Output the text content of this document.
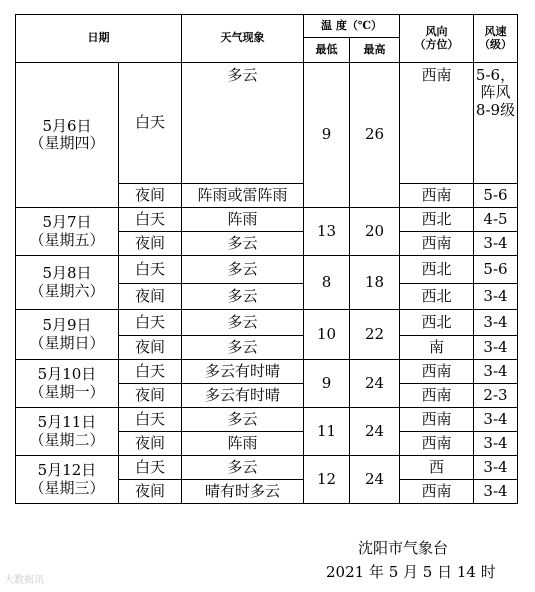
日期		天气现象	温 度（℃）		风向
（方位）	风速
（级）

			最低	最高		

5月6日
（星期四）	白天	多云	9	26	西南	5-6，阵风8-9级
	夜间	阵雨或雷阵雨			西南	5-6

5月7日
（星期五）	白天	阵雨	13	20	西北	4-5
	夜间	多云			西南	3-4

5月8日
（星期六）	白天	多云	8	18	西北	5-6
	夜间	多云			西北	3-4

5月9日
（星期日）	白天	多云	10	22	西北	3-4
	夜间	多云			南	3-4

5月10日
（星期一）	白天	多云有时晴	9	24	西南	3-4
	夜间	多云有时晴			西南	2-3

5月11日
（星期二）	白天	多云	11	24	西南	3-4
	夜间	阵雨			西南	3-4

5月12日
（星期三）	白天	多云	12	24	西	3-4
	夜间	晴有时多云			西南	3-4
沈阳市气象台
2021 年 5 月 5 日 14 时
大数据讯
